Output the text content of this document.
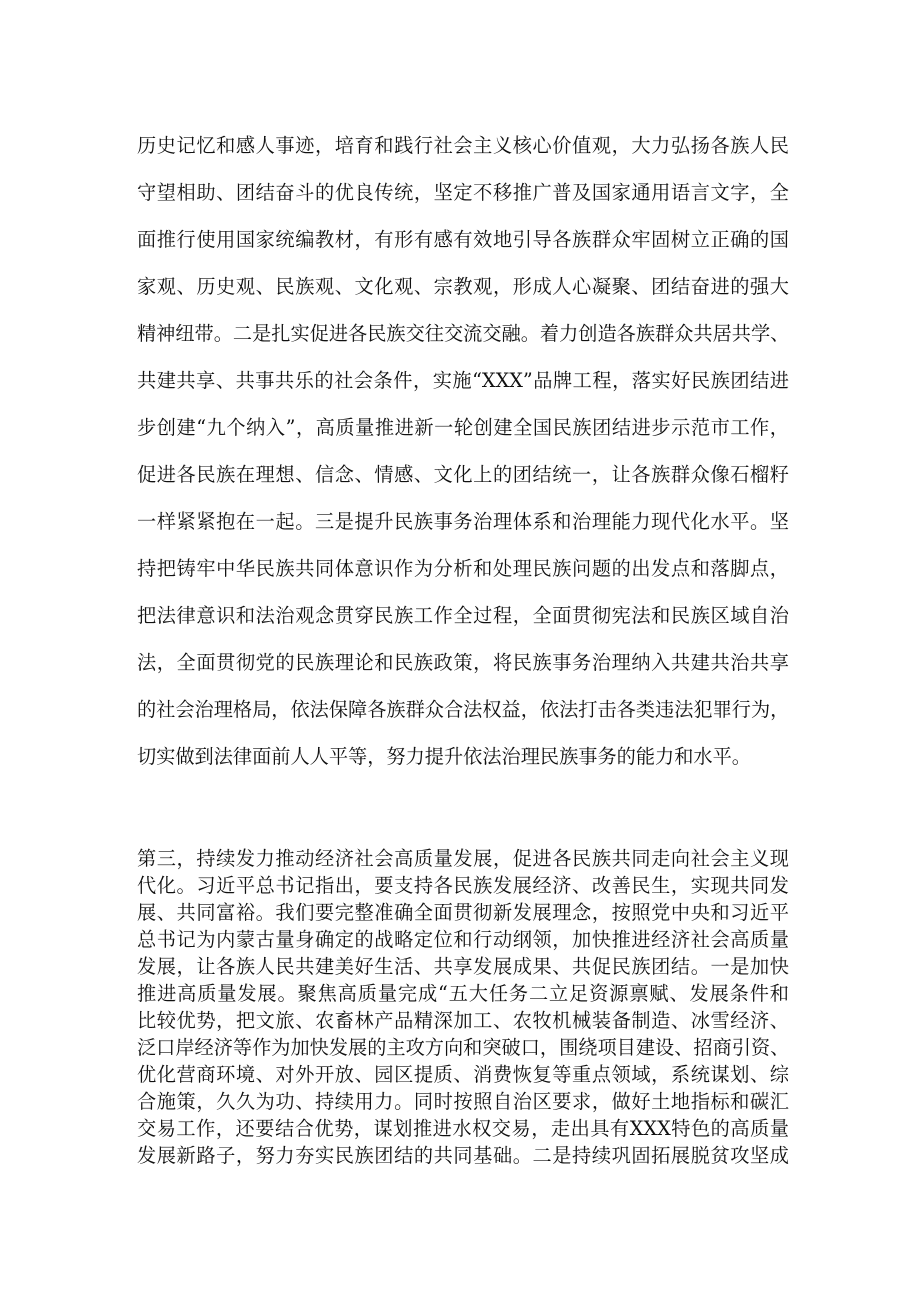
历史记忆和感人事迹，培育和践行社会主义核心价值观，大力弘扬各族人民
守望相助、团结奋斗的优良传统，坚定不移推广普及国家通用语言文字，全
面推行使用国家统编教材，有形有感有效地引导各族群众牢固树立正确的国
家观、历史观、民族观、文化观、宗教观，形成人心凝聚、团结奋进的强大
精神纽带。二是扎实促进各民族交往交流交融。着力创造各族群众共居共学、
共建共享、共事共乐的社会条件，实施“XXX”品牌工程，落实好民族团结进
步创建“九个纳入”，高质量推进新一轮创建全国民族团结进步示范市工作，
促进各民族在理想、信念、情感、文化上的团结统一，让各族群众像石榴籽
一样紧紧抱在一起。三是提升民族事务治理体系和治理能力现代化水平。坚
持把铸牢中华民族共同体意识作为分析和处理民族问题的出发点和落脚点，
把法律意识和法治观念贯穿民族工作全过程，全面贯彻宪法和民族区域自治
法，全面贯彻党的民族理论和民族政策，将民族事务治理纳入共建共治共享
的社会治理格局，依法保障各族群众合法权益，依法打击各类违法犯罪行为，
切实做到法律面前人人平等，努力提升依法治理民族事务的能力和水平。
第三，持续发力推动经济社会高质量发展，促进各民族共同走向社会主义现
代化。习近平总书记指出，要支持各民族发展经济、改善民生，实现共同发
展、共同富裕。我们要完整准确全面贯彻新发展理念，按照党中央和习近平
总书记为内蒙古量身确定的战略定位和行动纲领，加快推进经济社会高质量
发展，让各族人民共建美好生活、共享发展成果、共促民族团结。一是加快
推进高质量发展。聚焦高质量完成“五大任务二立足资源禀赋、发展条件和
比较优势，把文旅、农畜林产品精深加工、农牧机械装备制造、冰雪经济、
泛口岸经济等作为加快发展的主攻方向和突破口，围绕项目建设、招商引资、
优化营商环境、对外开放、园区提质、消费恢复等重点领域，系统谋划、综
合施策，久久为功、持续用力。同时按照自治区要求，做好土地指标和碳汇
交易工作，还要结合优势，谋划推进水权交易，走出具有XXX特色的高质量
发展新路子，努力夯实民族团结的共同基础。二是持续巩固拓展脱贫攻坚成
